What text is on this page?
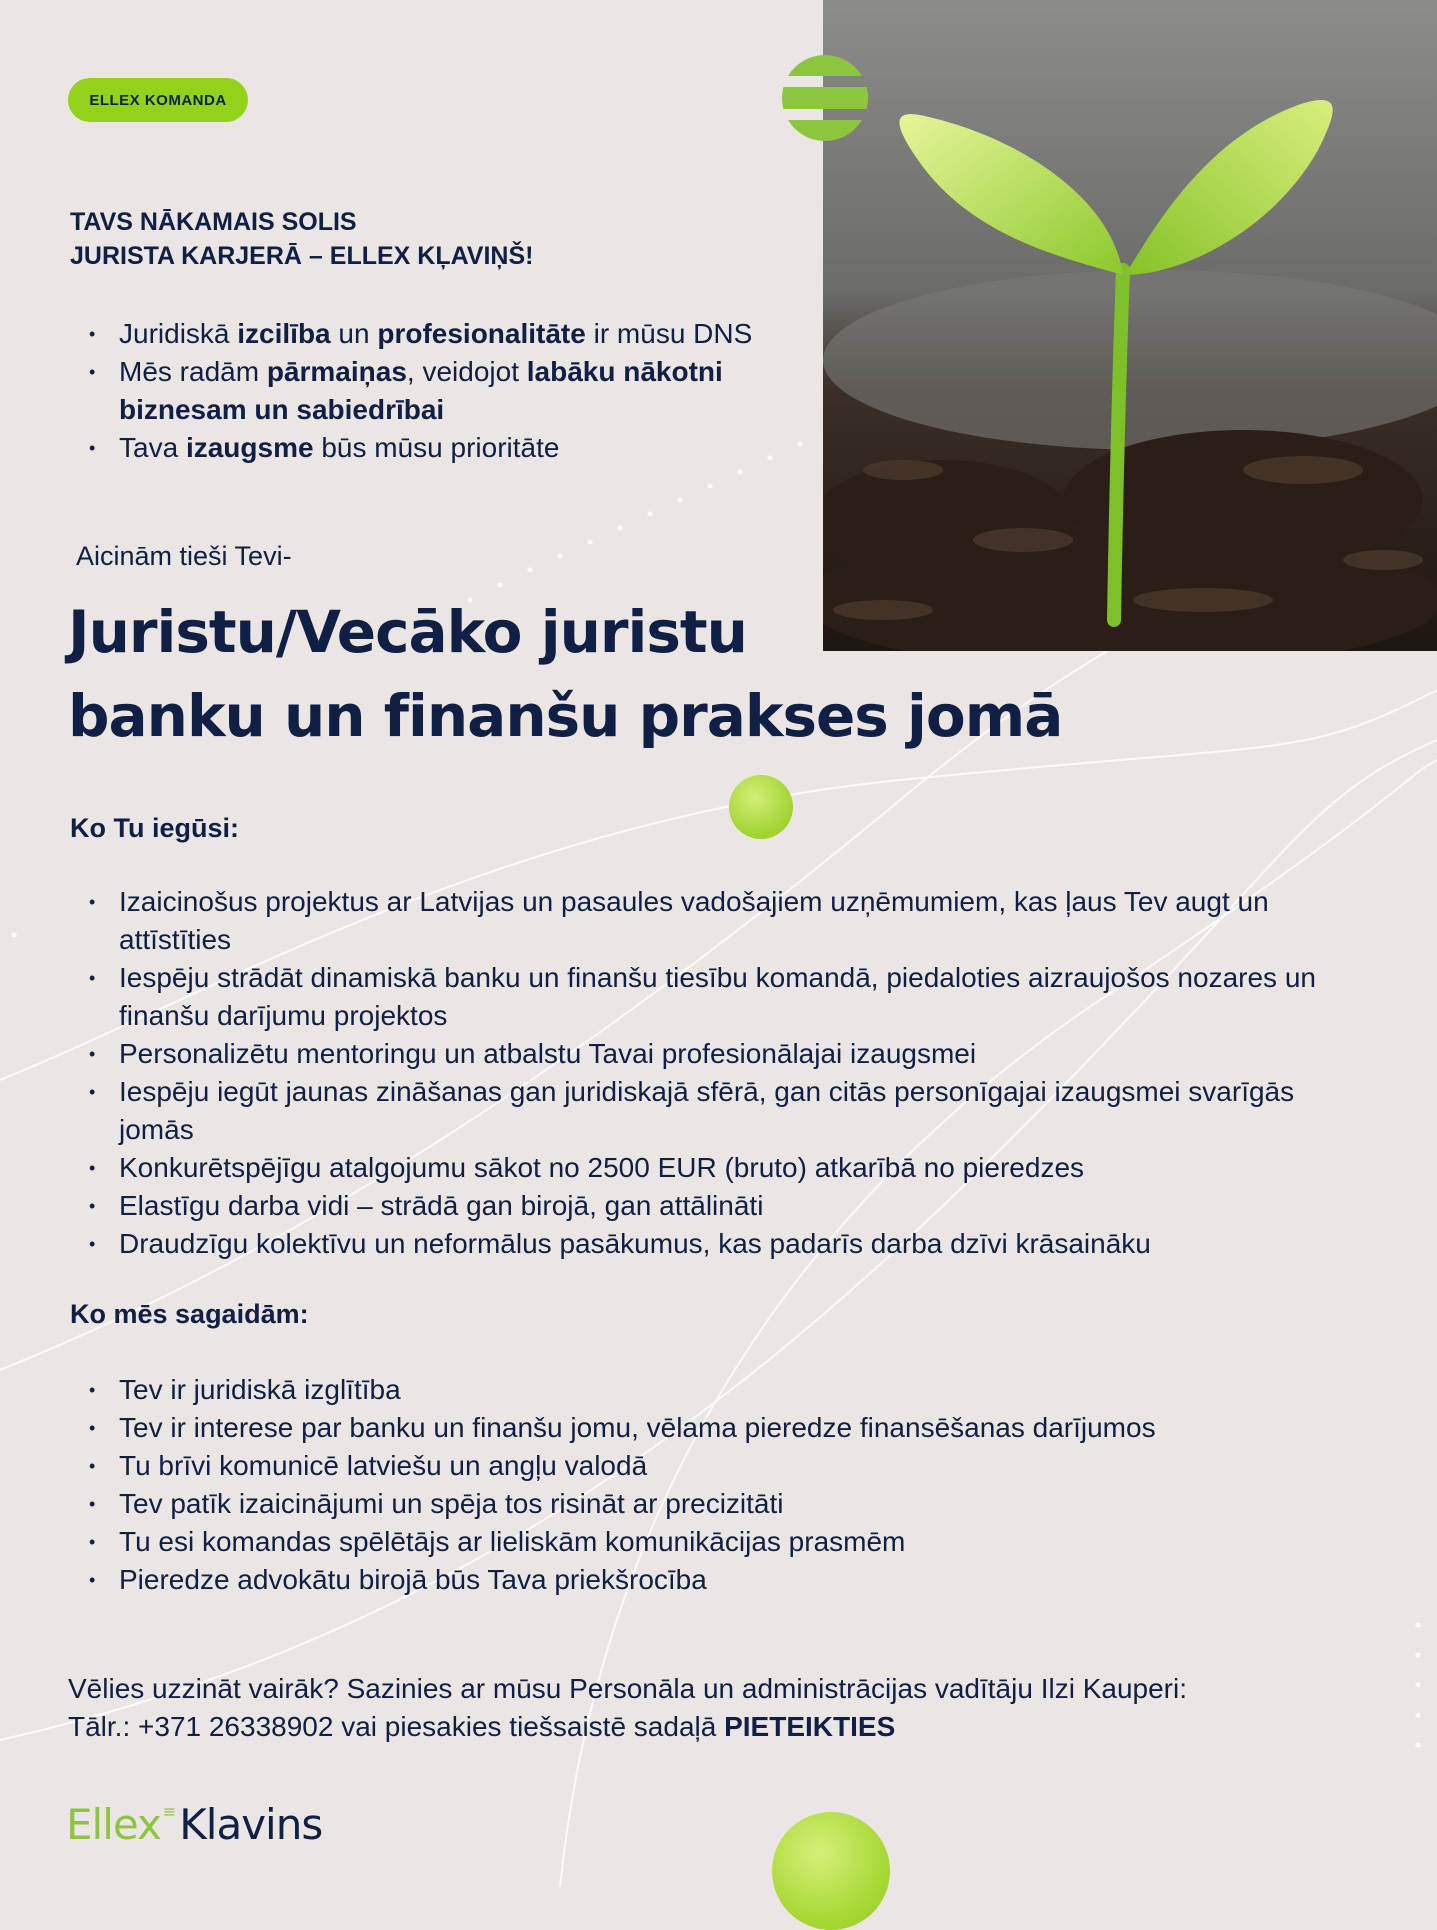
ELLEX KOMANDA
TAVS NĀKAMAIS SOLIS
JURISTA KARJERĀ – ELLEX KĻAVIŅŠ!
• Juridiskā izcilība un profesionalitāte ir mūsu DNS
• Mēs radām pārmaiņas, veidojot labāku nākotni biznesam un sabiedrībai
• Tava izaugsme būs mūsu prioritāte
Aicinām tieši Tevi-
Juristu/Vecāko juristu
banku un finanšu prakses jomā
Ko Tu iegūsi:
• Izaicinošus projektus ar Latvijas un pasaules vadošajiem uzņēmumiem, kas ļaus Tev augt un attīstīties
• Iespēju strādāt dinamiskā banku un finanšu tiesību komandā, piedaloties aizraujošos nozares un finanšu darījumu projektos
• Personalizētu mentoringu un atbalstu Tavai profesionālajai izaugsmei
• Iespēju iegūt jaunas zināšanas gan juridiskajā sfērā, gan citās personīgajai izaugsmei svarīgās jomās
• Konkurētspējīgu atalgojumu sākot no 2500 EUR (bruto) atkarībā no pieredzes
• Elastīgu darba vidi – strādā gan birojā, gan attālināti
• Draudzīgu kolektīvu un neformālus pasākumus, kas padarīs darba dzīvi krāsaināku
Ko mēs sagaidām:
• Tev ir juridiskā izglītība
• Tev ir interese par banku un finanšu jomu, vēlama pieredze finansēšanas darījumos
• Tu brīvi komunicē latviešu un angļu valodā
• Tev patīk izaicinājumi un spēja tos risināt ar precizitāti
• Tu esi komandas spēlētājs ar lieliskām komunikācijas prasmēm
• Pieredze advokātu birojā būs Tava priekšrocība

Vēlies uzzināt vairāk? Sazinies ar mūsu Personāla un administrācijas vadītāju Ilzi Kauperi:
Tālr.: +371 26338902 vai piesakies tiešsaistē sadaļā PIETEIKTIES

Ellex ≡ Klavins
